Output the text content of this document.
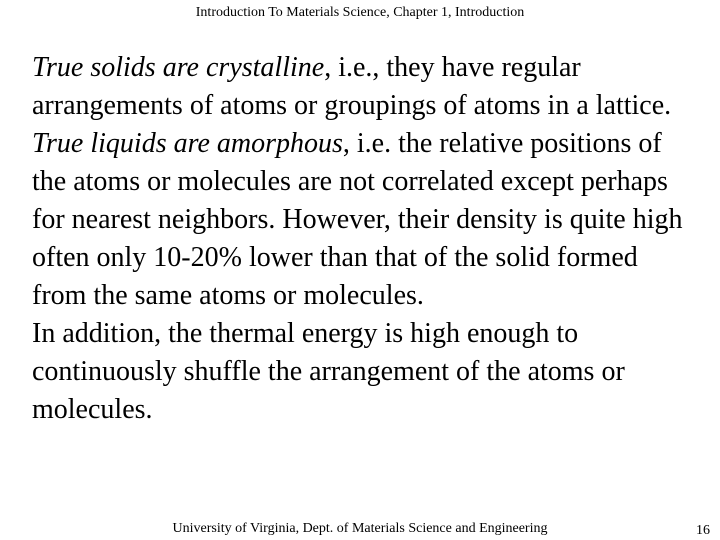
Introduction To Materials Science, Chapter 1, Introduction

True solids are crystalline, i.e., they have regular arrangements of atoms or groupings of atoms in a lattice.

True liquids are amorphous, i.e. the relative positions of the atoms or molecules are not correlated except perhaps for nearest neighbors. However, their density is quite high often only 10-20% lower than that of the solid formed from the same atoms or molecules.

In addition, the thermal energy is high enough to continuously shuffle the arrangement of the atoms or molecules.

University of Virginia, Dept. of Materials Science and Engineering	16
